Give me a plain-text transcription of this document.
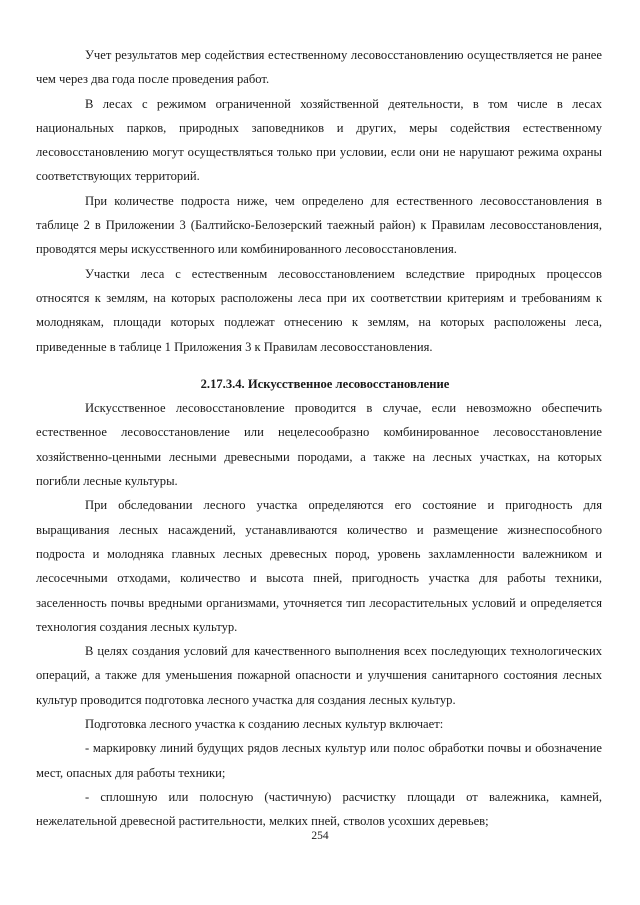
Учет результатов мер содействия естественному лесовосстановлению осуществляется не ранее чем через два года после проведения работ.

В лесах с режимом ограниченной хозяйственной деятельности, в том числе в лесах национальных парков, природных заповедников и других, меры содействия естественному лесовосстановлению могут осуществляться только при условии, если они не нарушают режима охраны соответствующих территорий.

При количестве подроста ниже, чем определено для естественного лесовосстановления в таблице 2 в Приложении 3 (Балтийско-Белозерский таежный район) к Правилам лесовосстановления, проводятся меры искусственного или комбинированного лесовосстановления.

Участки леса с естественным лесовосстановлением вследствие природных процессов относятся к землям, на которых расположены леса при их соответствии критериям и требованиям к молоднякам, площади которых подлежат отнесению к землям, на которых расположены леса, приведенные в таблице 1 Приложения 3 к Правилам лесовосстановления.

2.17.3.4. Искусственное лесовосстановление

Искусственное лесовосстановление проводится в случае, если невозможно обеспечить естественное лесовосстановление или нецелесообразно комбинированное лесовосстановление хозяйственно-ценными лесными древесными породами, а также на лесных участках, на которых погибли лесные культуры.

При обследовании лесного участка определяются его состояние и пригодность для выращивания лесных насаждений, устанавливаются количество и размещение жизнеспособного подроста и молодняка главных лесных древесных пород, уровень захламленности валежником и лесосечными отходами, количество и высота пней, пригодность участка для работы техники, заселенность почвы вредными организмами, уточняется тип лесорастительных условий и определяется технология создания лесных культур.

В целях создания условий для качественного выполнения всех последующих технологических операций, а также для уменьшения пожарной опасности и улучшения санитарного состояния лесных культур проводится подготовка лесного участка для создания лесных культур.

Подготовка лесного участка к созданию лесных культур включает:

- маркировку линий будущих рядов лесных культур или полос обработки почвы и обозначение мест, опасных для работы техники;

- сплошную или полосную (частичную) расчистку площади от валежника, камней, нежелательной древесной растительности, мелких пней, стволов усохших деревьев;

254
